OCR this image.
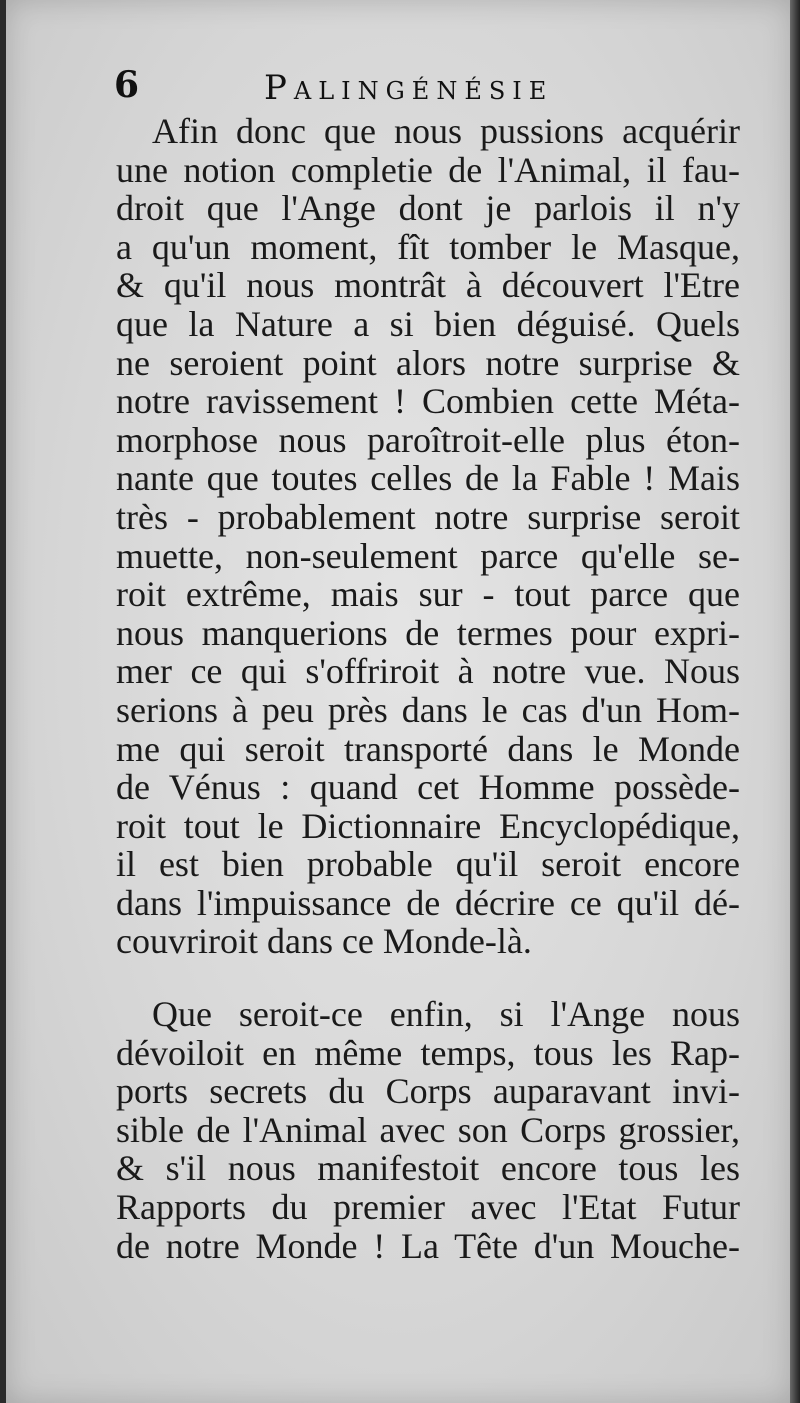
6	Palingénésie
Afin donc que nous pussions acquérir
une notion completie de l'Animal, il fau-
droit que l'Ange dont je parlois il n'y
a qu'un moment, fît tomber le Masque,
& qu'il nous montrât à découvert l'Etre
que la Nature a si bien déguisé. Quels
ne seroient point alors notre surprise &
notre ravissement ! Combien cette Méta-
morphose nous paroîtroit-elle plus éton-
nante que toutes celles de la Fable ! Mais
très - probablement notre surprise seroit
muette, non-seulement parce qu'elle se-
roit extrême, mais sur - tout parce que
nous manquerions de termes pour expri-
mer ce qui s'offriroit à notre vue. Nous
serions à peu près dans le cas d'un Hom-
me qui seroit transporté dans le Monde
de Vénus : quand cet Homme possède-
roit tout le Dictionnaire Encyclopédique,
il est bien probable qu'il seroit encore
dans l'impuissance de décrire ce qu'il dé-
couvriroit dans ce Monde-là.
Que seroit-ce enfin, si l'Ange nous
dévoiloit en même temps, tous les Rap-
ports secrets du Corps auparavant invi-
sible de l'Animal avec son Corps grossier,
& s'il nous manifestoit encore tous les
Rapports du premier avec l'Etat Futur
de notre Monde ! La Tête d'un Mouche-
